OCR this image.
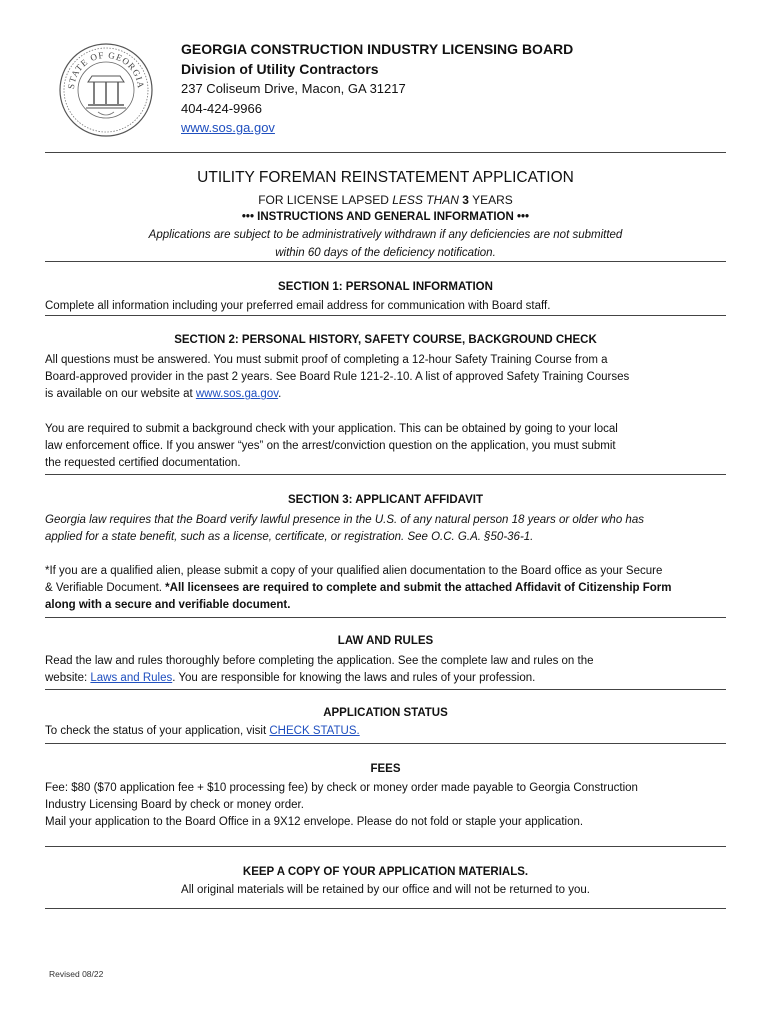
STATE OF GEORGIA
GEORGIA CONSTRUCTION INDUSTRY LICENSING BOARD
Division of Utility Contractors
237 Coliseum Drive, Macon, GA 31217
404-424-9966
www.sos.ga.gov
UTILITY FOREMAN REINSTATEMENT APPLICATION
FOR LICENSE LAPSED LESS THAN 3 YEARS
••• INSTRUCTIONS AND GENERAL INFORMATION •••
Applications are subject to be administratively withdrawn if any deficiencies are not submitted
within 60 days of the deficiency notification.
SECTION 1: PERSONAL INFORMATION
Complete all information including your preferred email address for communication with Board staff.
SECTION 2: PERSONAL HISTORY, SAFETY COURSE, BACKGROUND CHECK
All questions must be answered. You must submit proof of completing a 12-hour Safety Training Course from a
Board-approved provider in the past 2 years. See Board Rule 121-2-.10. A list of approved Safety Training Courses
is available on our website at www.sos.ga.gov.
You are required to submit a background check with your application. This can be obtained by going to your local
law enforcement office. If you answer “yes” on the arrest/conviction question on the application, you must submit
the requested certified documentation.
SECTION 3: APPLICANT AFFIDAVIT
Georgia law requires that the Board verify lawful presence in the U.S. of any natural person 18 years or older who has
applied for a state benefit, such as a license, certificate, or registration. See O.C. G.A. §50-36-1.
*If you are a qualified alien, please submit a copy of your qualified alien documentation to the Board office as your Secure
& Verifiable Document. *All licensees are required to complete and submit the attached Affidavit of Citizenship Form
along with a secure and verifiable document.
LAW AND RULES
Read the law and rules thoroughly before completing the application. See the complete law and rules on the
website: Laws and Rules. You are responsible for knowing the laws and rules of your profession.
APPLICATION STATUS
To check the status of your application, visit CHECK STATUS.
FEES
Fee: $80 ($70 application fee + $10 processing fee) by check or money order made payable to Georgia Construction
Industry Licensing Board by check or money order.
Mail your application to the Board Office in a 9X12 envelope. Please do not fold or staple your application.
KEEP A COPY OF YOUR APPLICATION MATERIALS.
All original materials will be retained by our office and will not be returned to you.
Revised 08/22
